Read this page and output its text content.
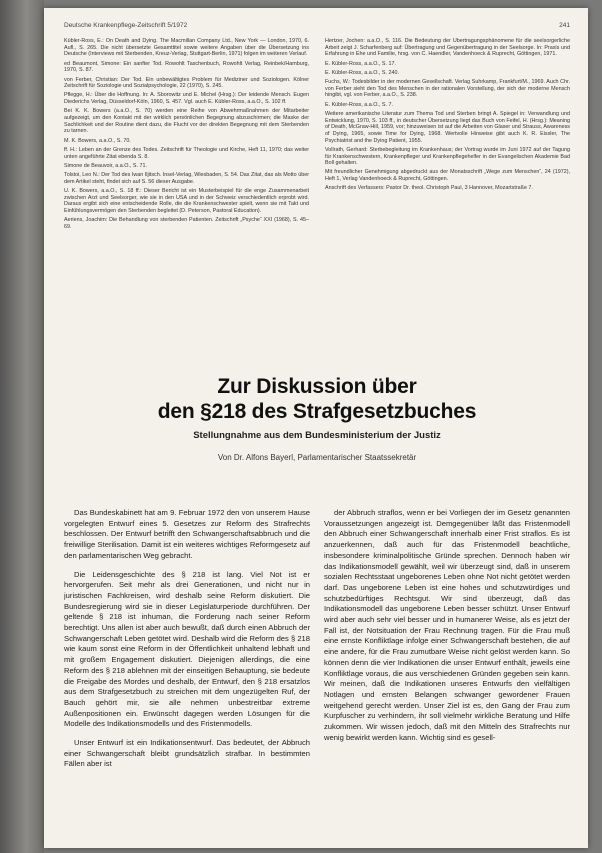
Deutsche Krankenpflege-Zeitschrift 5/1972	241

Kübler-Ross, E.: On Death and Dying. The Macmillan Company Ltd., New York — London, 1970, 6. Aufl., S. 265. Die nicht übersetzte Gesamttitel sowie weitere Angaben über die Übersetzung ins Deutsche (Interviews mit Sterbenden, Kreuz-Verlag, Stuttgart-Berlin, 1971) folgen im weiteren Verlauf.

ed Beaumont, Simone: Ein sanfter Tod. Rowohlt Taschenbuch, Rowohlt Verlag, Reinbek/Hamburg, 1970, S. 87.

von Ferber, Christian: Der Tod. Ein unbewältigtes Problem für Mediziner und Soziologen. Kölner Zeitschrift für Soziologie und Sozialpsychologie, 22 (1970), S. 245.

Pflegge, H.: Über die Hoffnung. In: A. Sborowitz und E. Michel (Hrsg.): Der leidende Mensch. Eugen Diederichs Verlag, Düsseldorf-Köln, 1960, S. 457. Vgl. auch E. Kübler-Ross, a.a.O., S. 102 ff.

Bei K. K. Bowers (a.a.O., S. 70) werden eine Reihe von Abwehrmaßnahmen der Mitarbeiter aufgezeigt, um den Kontakt mit der wirklich persönlichen Begegnung abzuschirmen; die Maske der Sachlichkeit und der Routine dient dazu, die Flucht vor der direkten Begegnung mit dem Sterbenden zu tarnen.

M. K. Bowers, a.a.O., S. 70.

ff. H.: Leben an der Grenze des Todes. Zeitschrift für Theologie und Kirche, Heft 11, 1970; das weiter unten angeführte Zitat ebenda S. 8.

Simone de Beauvoir, a.a.O., S. 71.

Tolstoi, Leo N.: Der Tod des Iwan Iljitsch. Insel-Verlag, Wiesbaden, S. 54. Das Zitat, das als Motto über dem Artikel steht, findet sich auf S. 56 dieser Ausgabe.

U. K. Bowers, a.a.O., S. 18 ff.: Dieser Bericht ist ein Musterbeispiel für die enge Zusammenarbeit zwischen Arzt und Seelsorger, wie sie in den USA und in der Schweiz verschiedentlich erprobt wird. Daraus ergibt sich eine entscheidende Rolle, die die Krankenschwester spielt, wenn sie mit Takt und Einfühlungsvermögen den Sterbenden begleitet (D. Peterson, Pastoral Education).

Aeriens, Joachim: Die Behandlung von sterbenden Patienten. Zeitschrift „Psyche“ XXI (1968), S. 45–69.

Hertzer, Jochen: a.a.O., S. 116. Die Bedeutung der Übertragungsphänomene für die seelsorgerliche Arbeit zeigt J. Scharfenberg auf: Übertragung und Gegenübertragung in der Seelsorge. In: Praxis und Erfahrung in Ehe und Familie, hrsg. von C. Haendler, Vandenhoeck & Ruprecht, Göttingen, 1971.

E. Kübler-Ross, a.a.O., S. 17.

E. Kübler-Ross, a.a.O., S. 240.

Fuchs, W.: Todesbilder in der modernen Gesellschaft. Verlag Suhrkamp, Frankfurt/M., 1969. Auch Chr. von Ferber sieht den Tod des Menschen in der rationalen Vorstellung, der sich der moderne Mensch hingibt, vgl. von Ferber, a.a.O., S. 238.

E. Kübler-Ross, a.a.O., S. 7.

Weitere amerikanische Literatur zum Thema Tod und Sterben bringt A. Spiegel in: Verwandlung und Entwicklung, 1970, S. 103 ff., in deutscher Übersetzung liegt das Buch von Feifel, H. (Hrsg.): Meaning of Death, McGraw-Hill, 1959, vor; hinzuweisen ist auf die Arbeiten von Glaser und Strauss, Awareness of Dying, 1965, sowie Time for Dying, 1968. Wertvolle Hinweise gibt auch K. R. Eissler, The Psychiatrist and the Dying Patient, 1955.

Vollrath, Gerhard: Sterbebegleitung im Krankenhaus; der Vortrag wurde im Juni 1972 auf der Tagung für Krankenschwestern, Krankenpfleger und Krankenpflegehelfer in der Evangelischen Akademie Bad Boll gehalten.

Mit freundlicher Genehmigung abgedruckt aus der Monatsschrift „Wege zum Menschen“, 24 (1972), Heft 1, Verlag Vandenhoeck & Ruprecht, Göttingen.

Anschrift des Verfassers: Pastor Dr. theol. Christoph Paul, 3 Hannover, Mozartstraße 7.

Zur Diskussion über

den §218 des Strafgesetzbuches

Stellungnahme aus dem Bundesministerium der Justiz

Von Dr. Alfons Bayerl, Parlamentarischer Staatssekretär

Das Bundeskabinett hat am 9. Februar 1972 den von unserem Hause vorgelegten Entwurf eines 5. Gesetzes zur Reform des Strafrechts beschlossen. Der Entwurf betrifft den Schwangerschaftsabbruch und die freiwillige Sterilisation. Damit ist ein weiteres wichtiges Reformgesetz auf den parlamentarischen Weg gebracht.

Die Leidensgeschichte des § 218 ist lang. Viel Not ist er hervorgerufen. Seit mehr als drei Generationen, und nicht nur in juristischen Fachkreisen, wird deshalb seine Reform diskutiert. Die Bundesregierung wird sie in dieser Legislaturperiode durchführen. Der geltende § 218 ist inhuman, die Forderung nach seiner Reform berechtigt. Uns allen ist aber auch bewußt, daß durch einen Abbruch der Schwangerschaft Leben getötet wird. Deshalb wird die Reform des § 218 wie kaum sonst eine Reform in der Öffentlichkeit unhaltend lebhaft und mit großem Engagement diskutiert. Diejenigen allerdings, die eine Reform des § 218 ablehnen mit der einseitigen Behauptung, sie bedeute die Freigabe des Mordes und deshalb, der Entwurf, den § 218 ersatzlos aus dem Strafgesetzbuch zu streichen mit dem ungezügelten Ruf, der Bauch gehört mir, sie alle nehmen unbestreitbar extreme Außenpositionen ein. Erwünscht dagegen werden Lösungen für die Modelle des Indikationsmodells und des Fristenmodells.

Unser Entwurf ist ein Indikationsentwurf. Das bedeutet, der Abbruch einer Schwangerschaft bleibt grundsätzlich strafbar. In bestimmten Fällen aber ist

der Abbruch straflos, wenn er bei Vorliegen der im Gesetz genannten Voraussetzungen angezeigt ist. Demgegenüber läßt das Fristenmodell den Abbruch einer Schwangerschaft innerhalb einer Frist straflos. Es ist anzuerkennen, daß auch für das Fristenmodell beachtliche, insbesondere kriminalpolitische Gründe sprechen. Dennoch haben wir das Indikationsmodell gewählt, weil wir überzeugt sind, daß in unserem sozialen Rechtsstaat ungeborenes Leben ohne Not nicht getötet werden darf. Das ungeborene Leben ist eine hohes und schutzwürdiges und schutzbedürftiges Rechtsgut. Wir sind überzeugt, daß das Indikationsmodell das ungeborene Leben besser schützt. Unser Entwurf wird aber auch sehr viel besser und in humanerer Weise, als es jetzt der Fall ist, der Notsituation der Frau Rechnung tragen. Für die Frau muß eine ernste Konfliktlage infolge einer Schwangerschaft bestehen, die auf eine andere, für die Frau zumutbare Weise nicht gelöst werden kann. So können denn die vier Indikationen die unser Entwurf enthält, jeweils eine Konfliktlage voraus, die aus verschiedenen Gründen gegeben sein kann. Wir meinen, daß die Indikationen unseres Entwurfs den vielfältigen Notlagen und ernsten Belangen schwanger gewordener Frauen weitgehend gerecht werden. Unser Ziel ist es, den Gang der Frau zum Kurpfuscher zu verhindern, ihr soll vielmehr wirkliche Beratung und Hilfe zukommen. Wir wissen jedoch, daß mit den Mitteln des Strafrechts nur wenig bewirkt werden kann. Wichtig sind es gesell-
